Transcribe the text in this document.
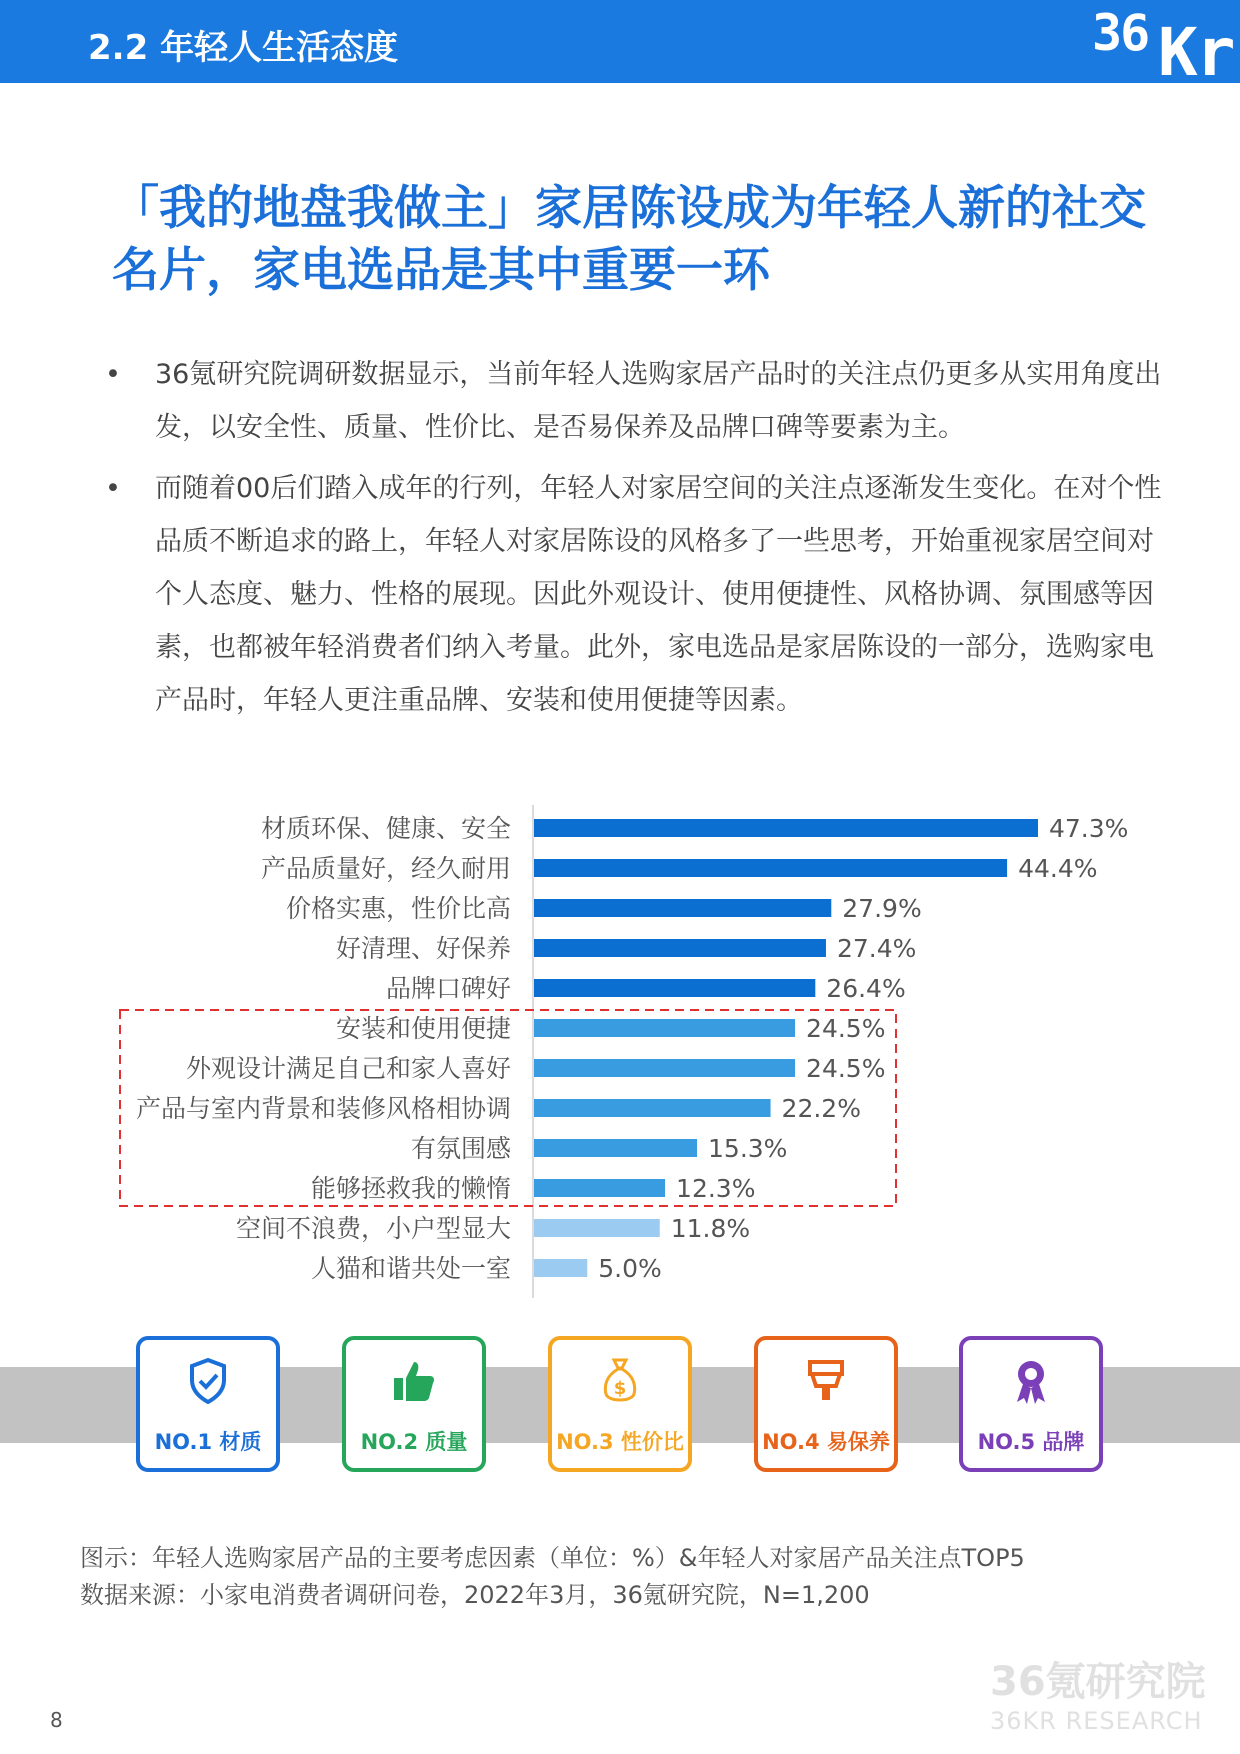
2.2 年轻人生活态度	36 Kr
「我的地盘我做主」家居陈设成为年轻人新的社交名片，家电选品是其中重要一环
• 36氪研究院调研数据显示，当前年轻人选购家居产品时的关注点仍更多从实用角度出发，以安全性、质量、性价比、是否易保养及品牌口碑等要素为主。
• 而随着00后们踏入成年的行列，年轻人对家居空间的关注点逐渐发生变化。在对个性品质不断追求的路上，年轻人对家居陈设的风格多了一些思考，开始重视家居空间对个人态度、魅力、性格的展现。因此外观设计、使用便捷性、风格协调、氛围感等因素，也都被年轻消费者们纳入考量。此外，家电选品是家居陈设的一部分，选购家电产品时，年轻人更注重品牌、安装和使用便捷等因素。
材质环保、健康、安全	47.3%
产品质量好，经久耐用	44.4%
价格实惠，性价比高	27.9%
好清理、好保养	27.4%
品牌口碑好	26.4%
安装和使用便捷	24.5%
外观设计满足自己和家人喜好	24.5%
产品与室内背景和装修风格相协调	22.2%
有氛围感	15.3%
能够拯救我的懒惰	12.3%
空间不浪费，小户型显大	11.8%
人猫和谐共处一室	5.0%
NO.1 材质	NO.2 质量
$
NO.3 性价比	NO.4 易保养	NO.5 品牌
图示：年轻人选购家居产品的主要考虑因素（单位：%）&年轻人对家居产品关注点TOP5
数据来源：小家电消费者调研问卷，2022年3月，36氪研究院，N=1,200
36氪研究院
36KR RESEARCH
8
